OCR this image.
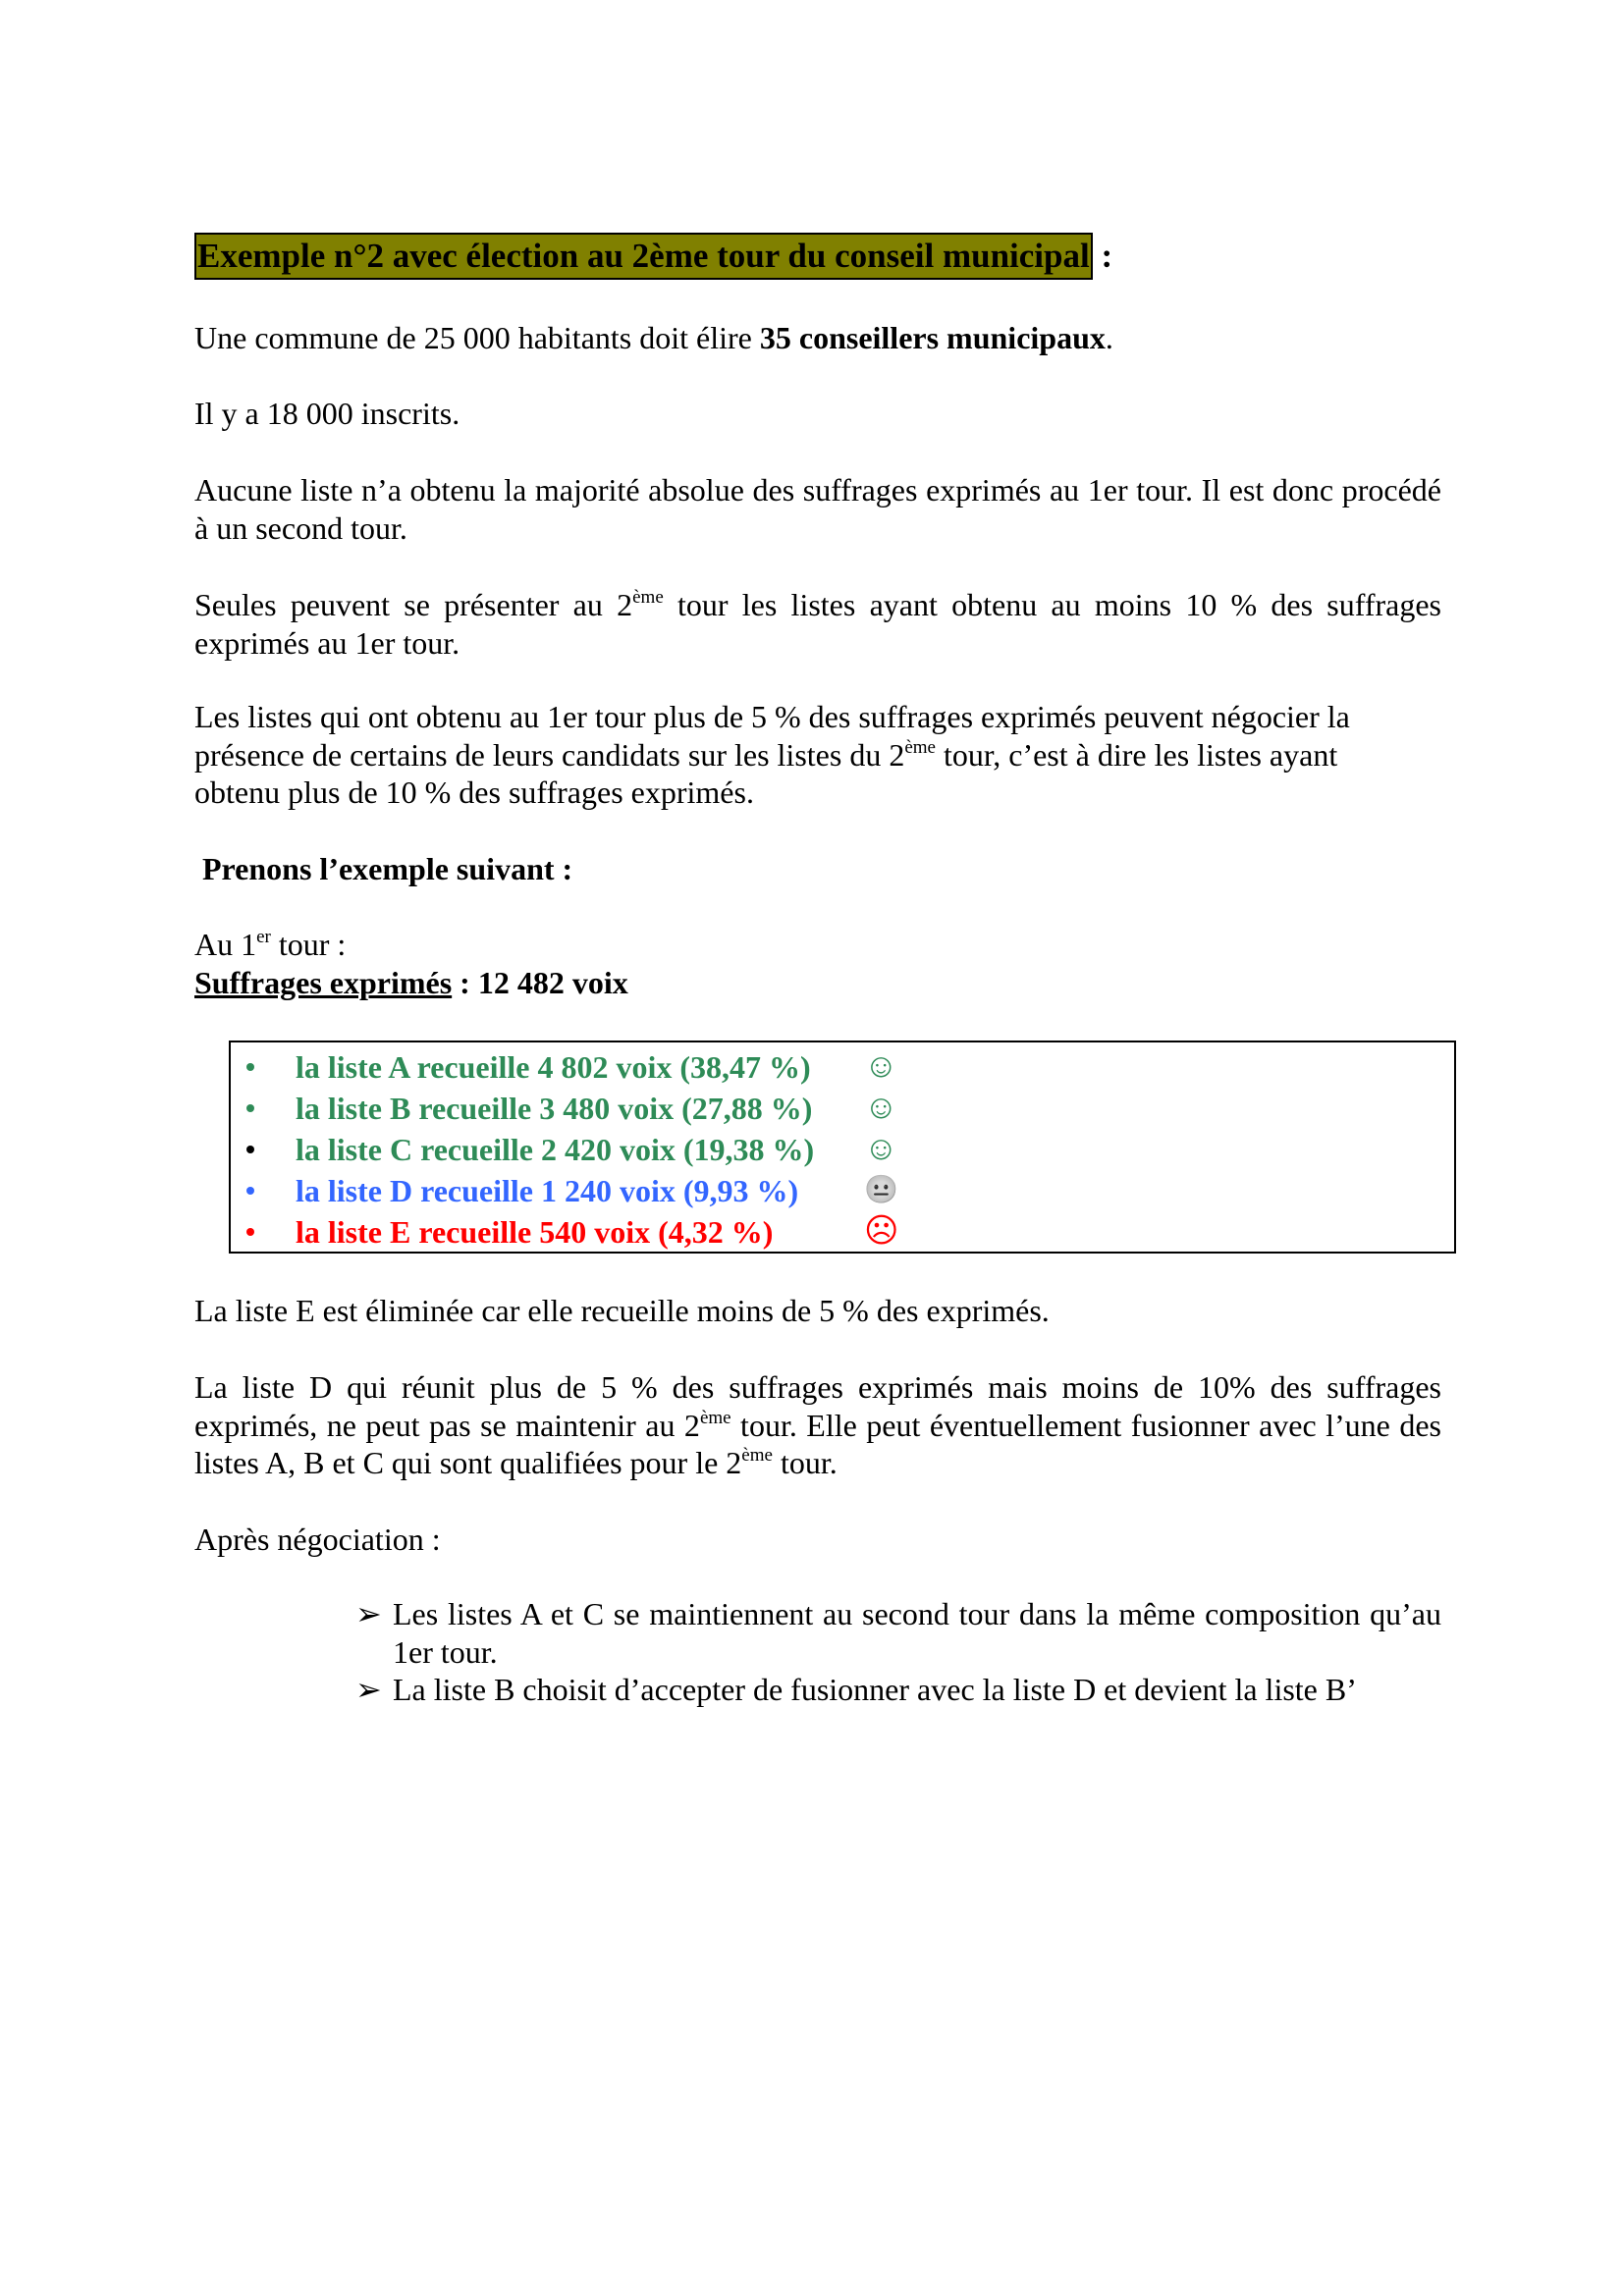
Exemple n°2 avec élection au 2ème tour du conseil municipal :
Une commune de 25 000 habitants doit élire 35 conseillers municipaux.
Il y a 18 000 inscrits.
Aucune liste n’a obtenu la majorité absolue des suffrages exprimés au 1er tour. Il est donc procédé à un second tour.
Seules peuvent se présenter au 2ème tour les listes ayant obtenu au moins 10 % des suffrages exprimés au 1er tour.
Les listes qui ont obtenu au 1er tour plus de 5 % des suffrages exprimés peuvent négocier la présence de certains de leurs candidats sur les listes du 2ème tour, c’est à dire les listes ayant obtenu plus de 10 % des suffrages exprimés.
Prenons l’exemple suivant :
Au 1er tour :
Suffrages exprimés : 12 482 voix
la liste A recueille 4 802 voix (38,47 %) ☺
la liste B recueille 3 480 voix (27,88 %) ☺
la liste C recueille 2 420 voix (19,38 %) ☺
la liste D recueille 1 240 voix (9,93 %) 😐
la liste E recueille 540 voix (4,32 %)	☹
La liste E est éliminée car elle recueille moins de 5 % des exprimés.
La liste D qui réunit plus de 5 % des suffrages exprimés mais moins de 10% des suffrages exprimés, ne peut pas se maintenir au 2ème tour. Elle peut éventuellement fusionner avec l’une des listes A, B et C qui sont qualifiées pour le 2ème tour.
Après négociation :
➢ Les listes A et C se maintiennent au second tour dans la même composition qu’au 1er tour.
➢ La liste B choisit d’accepter de fusionner avec la liste D et devient la liste B’
